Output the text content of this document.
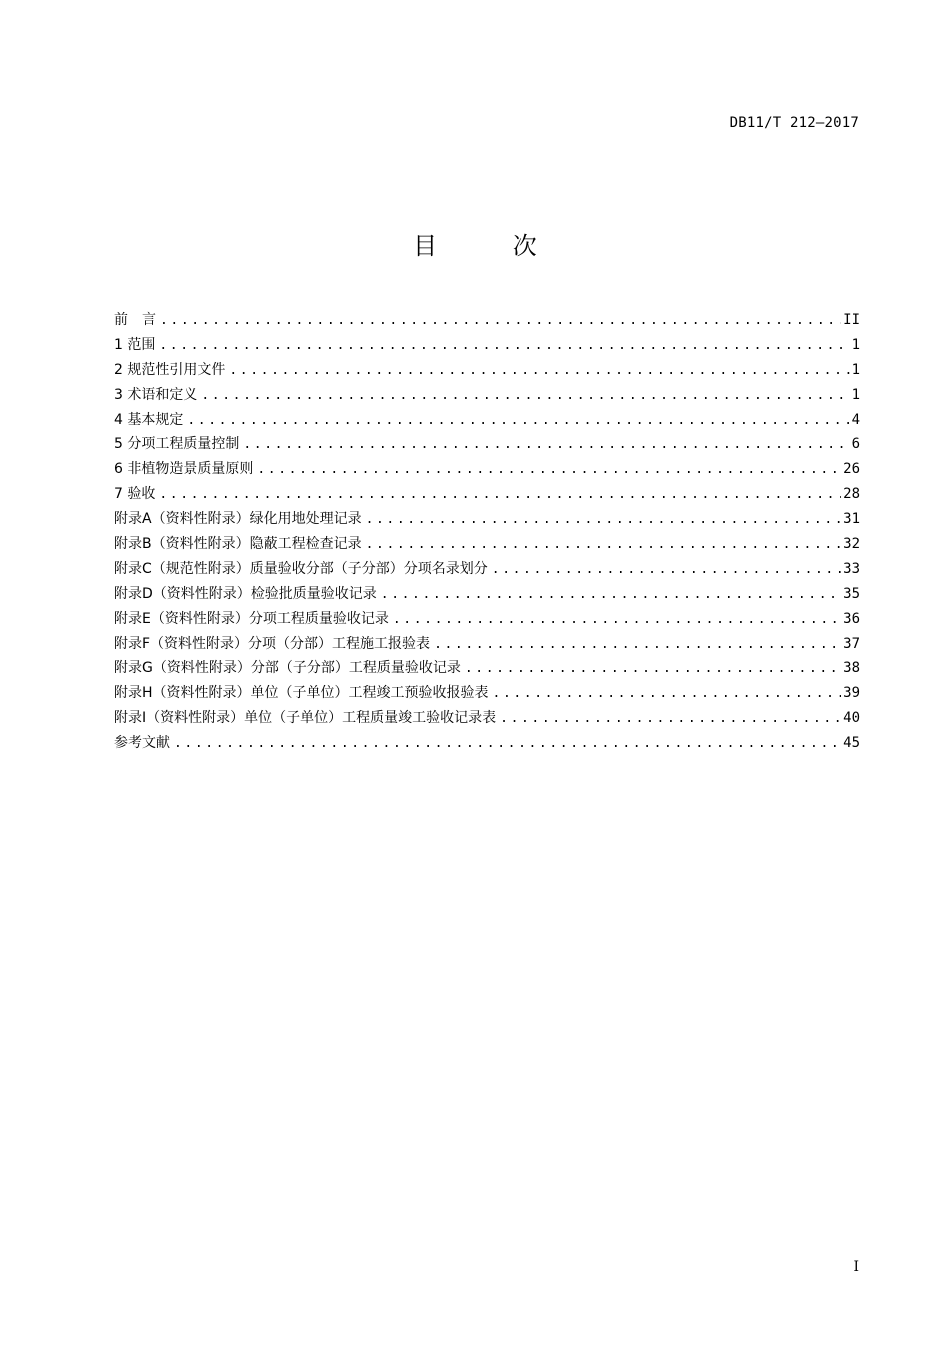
DB11/T 212—2017
目 次
前　言 .....	II
1 范围 .....	1
2 规范性引用文件 .....	1
3 术语和定义 .....	1
4 基本规定 .....	4
5 分项工程质量控制 .....	6
6 非植物造景质量原则 .....	26
7 验收 .....	28
附录A（资料性附录）绿化用地处理记录 .....	31
附录B（资料性附录）隐蔽工程检查记录 .....	32
附录C（规范性附录）质量验收分部（子分部）分项名录划分 .....	33
附录D（资料性附录）检验批质量验收记录 .....	35
附录E（资料性附录）分项工程质量验收记录 .....	36
附录F（资料性附录）分项（分部）工程施工报验表 .....	37
附录G（资料性附录）分部（子分部）工程质量验收记录 .....	38
附录H（资料性附录）单位（子单位）工程竣工预验收报验表 .....	39
附录I（资料性附录）单位（子单位）工程质量竣工验收记录表 .....	40
参考文献 .....	45
I
